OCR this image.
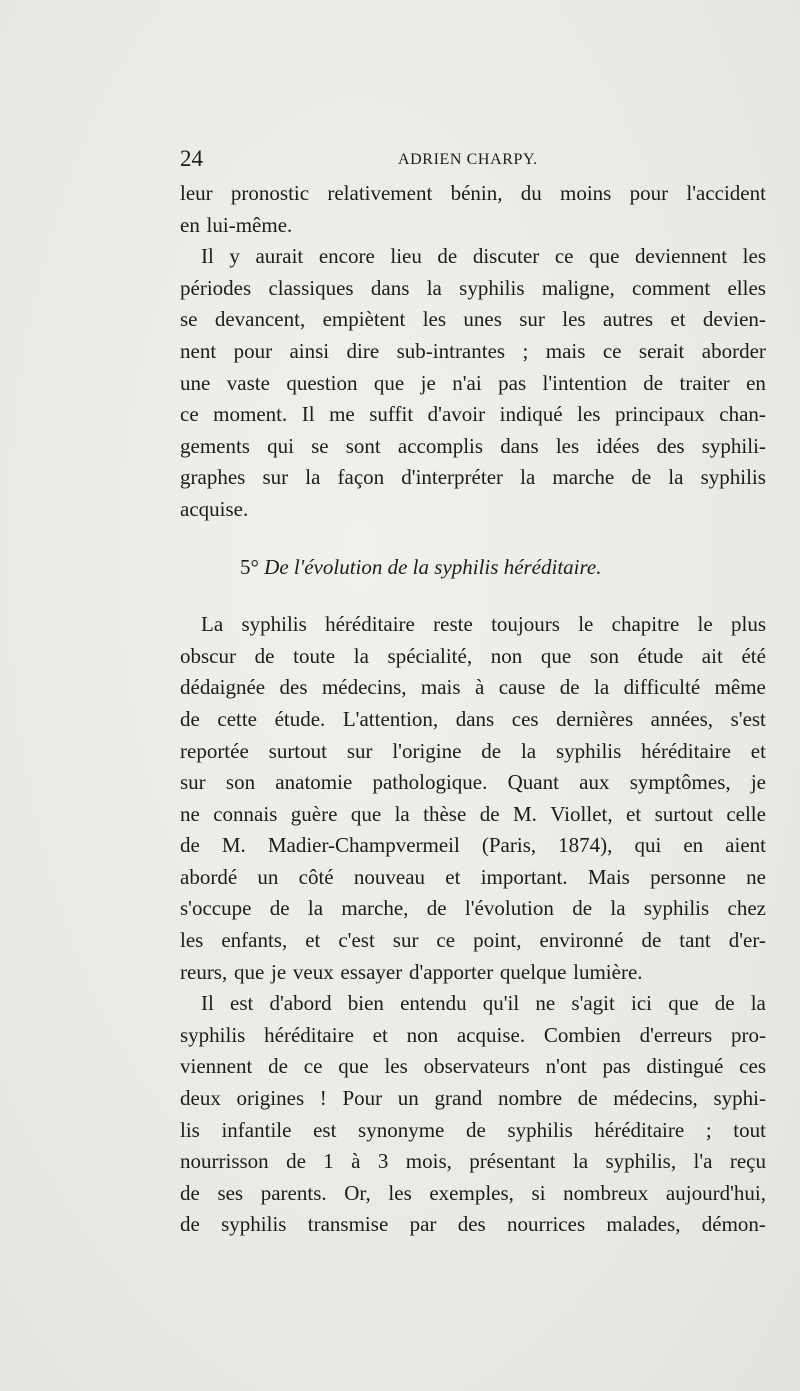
24	ADRIEN CHARPY.
leur pronostic relativement bénin, du moins pour l'accident
en lui-même.
Il y aurait encore lieu de discuter ce que deviennent les
périodes classiques dans la syphilis maligne, comment elles
se devancent, empiètent les unes sur les autres et devien-
nent pour ainsi dire sub-intrantes ; mais ce serait aborder
une vaste question que je n'ai pas l'intention de traiter en
ce moment. Il me suffit d'avoir indiqué les principaux chan-
gements qui se sont accomplis dans les idées des syphili-
graphes sur la façon d'interpréter la marche de la syphilis
acquise.
5° De l'évolution de la syphilis héréditaire.
La syphilis héréditaire reste toujours le chapitre le plus
obscur de toute la spécialité, non que son étude ait été
dédaignée des médecins, mais à cause de la difficulté même
de cette étude. L'attention, dans ces dernières années, s'est
reportée surtout sur l'origine de la syphilis héréditaire et
sur son anatomie pathologique. Quant aux symptômes, je
ne connais guère que la thèse de M. Viollet, et surtout celle
de M. Madier-Champvermeil (Paris, 1874), qui en aient
abordé un côté nouveau et important. Mais personne ne
s'occupe de la marche, de l'évolution de la syphilis chez
les enfants, et c'est sur ce point, environné de tant d'er-
reurs, que je veux essayer d'apporter quelque lumière.
Il est d'abord bien entendu qu'il ne s'agit ici que de la
syphilis héréditaire et non acquise. Combien d'erreurs pro-
viennent de ce que les observateurs n'ont pas distingué ces
deux origines ! Pour un grand nombre de médecins, syphi-
lis infantile est synonyme de syphilis héréditaire ; tout
nourrisson de 1 à 3 mois, présentant la syphilis, l'a reçu
de ses parents. Or, les exemples, si nombreux aujourd'hui,
de syphilis transmise par des nourrices malades, démon-
